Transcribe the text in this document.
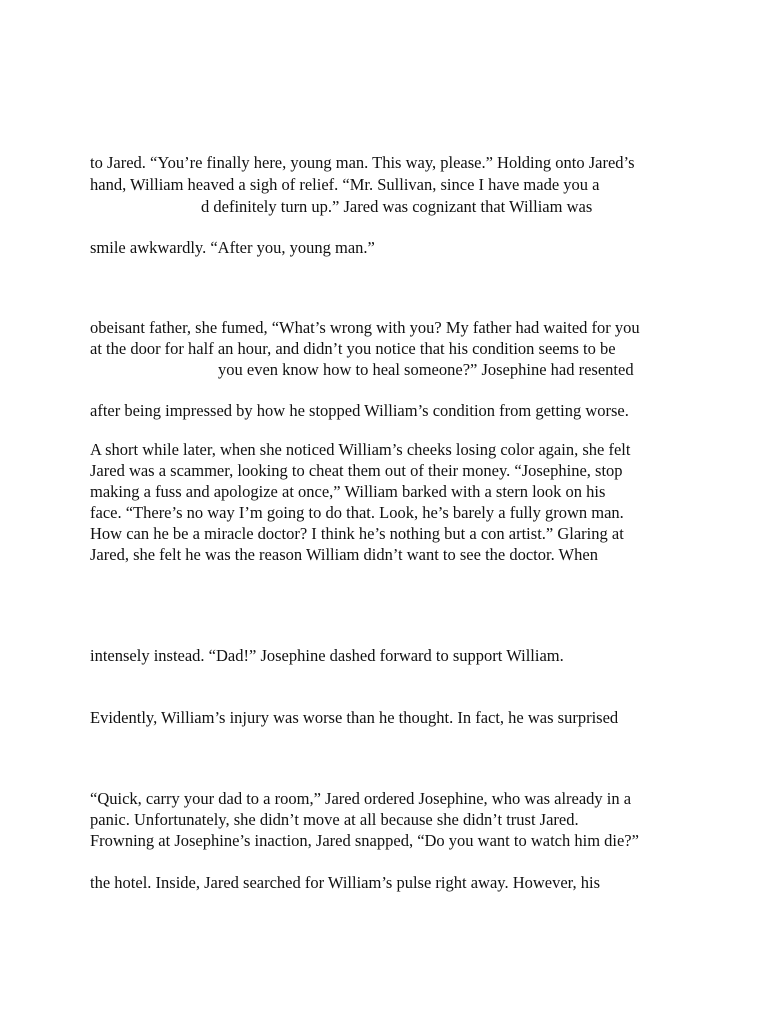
to Jared. “You’re finally here, young man. This way, please.” Holding onto Jared’s
hand, William heaved a sigh of relief. “Mr. Sullivan, since I have made you a
d definitely turn up.” Jared was cognizant that William was
smile awkwardly. “After you, young man.”
obeisant father, she fumed, “What’s wrong with you? My father had waited for you
at the door for half an hour, and didn’t you notice that his condition seems to be
you even know how to heal someone?” Josephine had resented
after being impressed by how he stopped William’s condition from getting worse.
A short while later, when she noticed William’s cheeks losing color again, she felt
Jared was a scammer, looking to cheat them out of their money. “Josephine, stop
making a fuss and apologize at once,” William barked with a stern look on his
face. “There’s no way I’m going to do that. Look, he’s barely a fully grown man.
How can he be a miracle doctor? I think he’s nothing but a con artist.” Glaring at
Jared, she felt he was the reason William didn’t want to see the doctor. When
intensely instead. “Dad!” Josephine dashed forward to support William.
Evidently, William’s injury was worse than he thought. In fact, he was surprised
“Quick, carry your dad to a room,” Jared ordered Josephine, who was already in a
panic. Unfortunately, she didn’t move at all because she didn’t trust Jared.
Frowning at Josephine’s inaction, Jared snapped, “Do you want to watch him die?”
the hotel. Inside, Jared searched for William’s pulse right away. However, his
